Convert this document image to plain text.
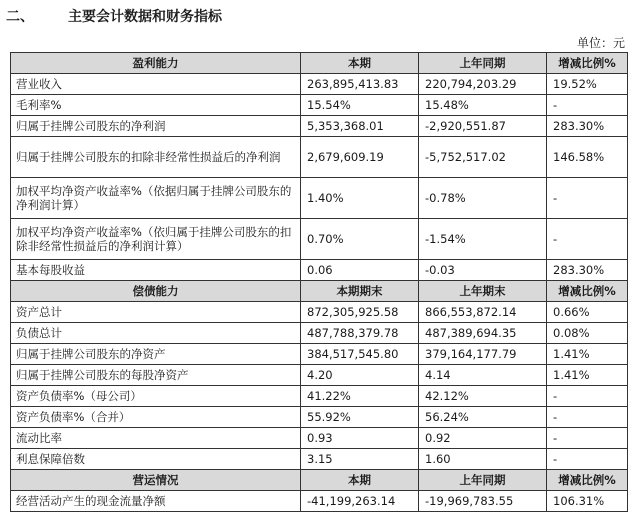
二、 主要会计数据和财务指标
单位：元
盈利能力	本期	上年同期	增减比例%
营业收入	263,895,413.83	220,794,203.29	19.52%
毛利率%	15.54%	15.48%	-
归属于挂牌公司股东的净利润	5,353,368.01	-2,920,551.87	283.30%
归属于挂牌公司股东的扣除非经常性损益后的净利润	2,679,609.19	-5,752,517.02	146.58%
加权平均净资产收益率%（依据归属于挂牌公司股东的净利润计算）	1.40%	-0.78%	-
加权平均净资产收益率%（依归属于挂牌公司股东的扣除非经常性损益后的净利润计算）	0.70%	-1.54%	-
基本每股收益	0.06	-0.03	283.30%
偿债能力	本期期末	上年期末	增减比例%
资产总计	872,305,925.58	866,553,872.14	0.66%
负债总计	487,788,379.78	487,389,694.35	0.08%
归属于挂牌公司股东的净资产	384,517,545.80	379,164,177.79	1.41%
归属于挂牌公司股东的每股净资产	4.20	4.14	1.41%
资产负债率%（母公司）	41.22%	42.12%	-
资产负债率%（合并）	55.92%	56.24%	-
流动比率	0.93	0.92	-
利息保障倍数	3.15	1.60	-
营运情况	本期	上年同期	增减比例%
经营活动产生的现金流量净额	-41,199,263.14	-19,969,783.55	106.31%
